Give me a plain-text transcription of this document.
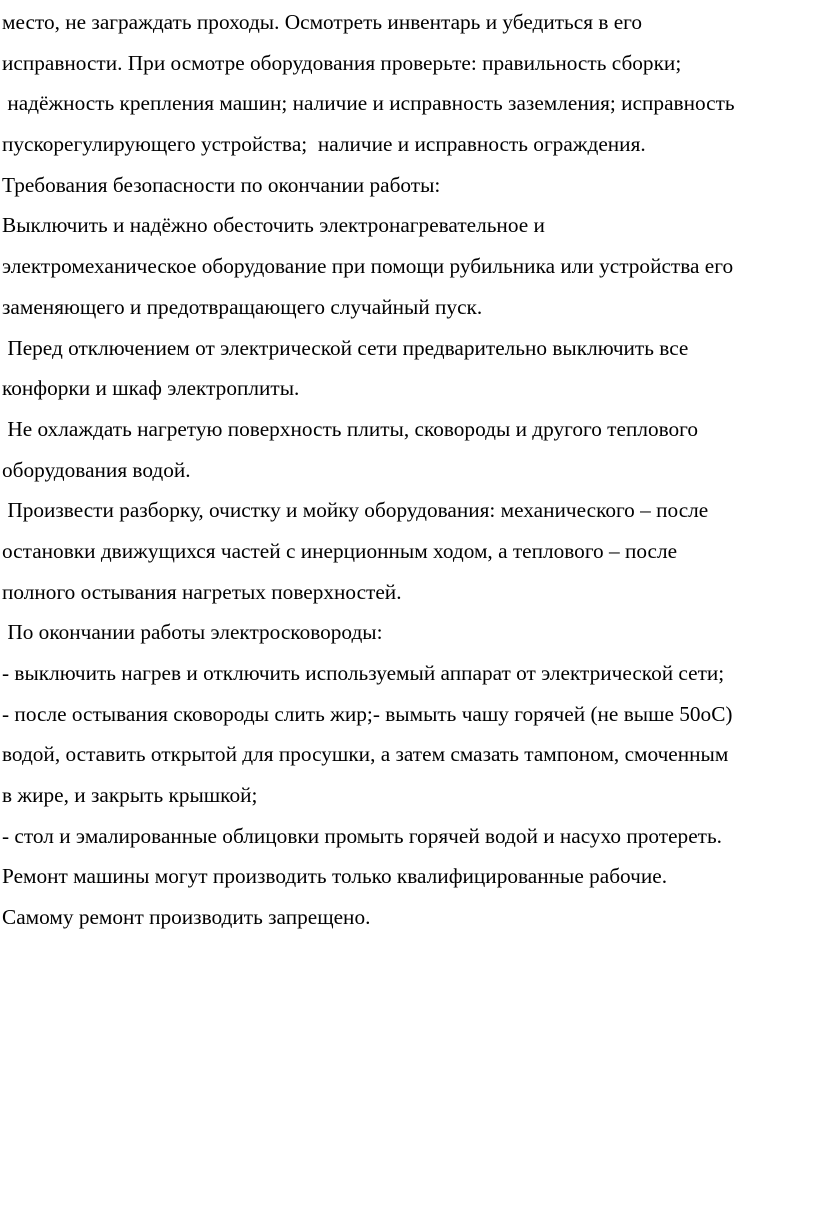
место, не заграждать проходы. Осмотреть инвентарь и убедиться в его
исправности. При осмотре оборудования проверьте: правильность сборки;
надёжность крепления машин; наличие и исправность заземления; исправность
пускорегулирующего устройства;  наличие и исправность ограждения.
Требования безопасности по окончании работы:
Выключить и надёжно обесточить электронагревательное и
электромеханическое оборудование при помощи рубильника или устройства его
заменяющего и предотвращающего случайный пуск.
Перед отключением от электрической сети предварительно выключить все
конфорки и шкаф электроплиты.
Не охлаждать нагретую поверхность плиты, сковороды и другого теплового
оборудования водой.
Произвести разборку, очистку и мойку оборудования: механического – после
остановки движущихся частей с инерционным ходом, а теплового – после
полного остывания нагретых поверхностей.
По окончании работы электросковороды:
- выключить нагрев и отключить используемый аппарат от электрической сети;
- после остывания сковороды слить жир;- вымыть чашу горячей (не выше 50оС)
водой, оставить открытой для просушки, а затем смазать тампоном, смоченным
в жире, и закрыть крышкой;
- стол и эмалированные облицовки промыть горячей водой и насухо протереть.
Ремонт машины могут производить только квалифицированные рабочие.
Самому ремонт производить запрещено.
